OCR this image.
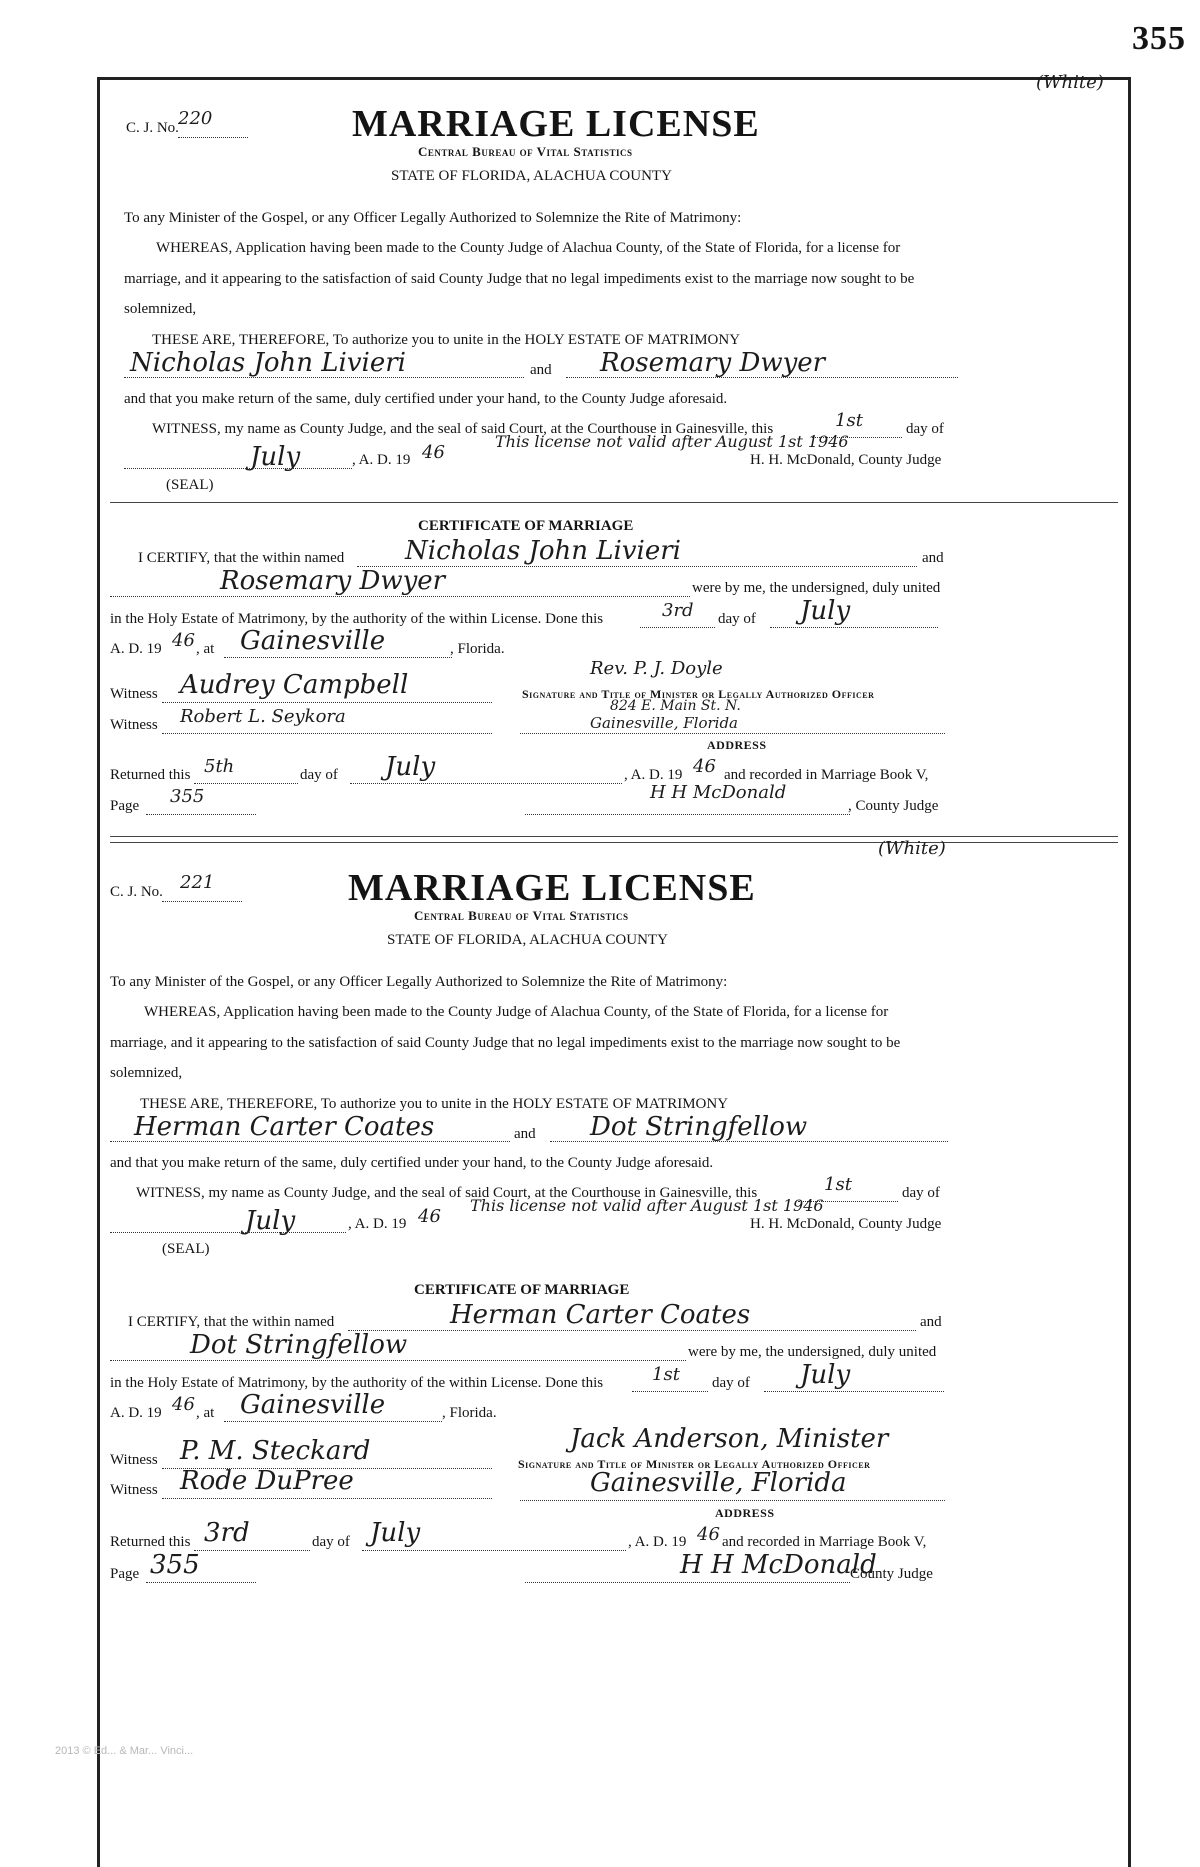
355
(White)
C. J. No. 220	MARRIAGE LICENSE
Central Bureau of Vital Statistics
STATE OF FLORIDA, ALACHUA COUNTY
To any Minister of the Gospel, or any Officer Legally Authorized to Solemnize the Rite of Matrimony:
WHEREAS, Application having been made to the County Judge of Alachua County, of the State of Florida, for a license for
marriage, and it appearing to the satisfaction of said County Judge that no legal impediments exist to the marriage now sought to be
solemnized,
THESE ARE, THEREFORE, To authorize you to unite in the HOLY ESTATE OF MATRIMONY
Nicholas John Livieri	and Rosemary Dwyer
and that you make return of the same, duly certified under your hand, to the County Judge aforesaid.
WITNESS, my name as County Judge, and the seal of said Court, at the Courthouse in Gainesville, this	1st	day of
This license not valid after August 1st 1946
July	, A. D. 19 46	H. H. McDonald, County Judge
(SEAL)
CERTIFICATE OF MARRIAGE
I CERTIFY, that the within named Nicholas John Livieri	and
Rosemary Dwyer	were by me, the undersigned, duly united
in the Holy Estate of Matrimony, by the authority of the within License. Done this	3rd day of July
A. D. 19 46 , at Gainesville	, Florida.
Rev. P. J. Doyle
Witness Audrey Campbell	Signature and Title of Minister or Legally Authorized Officer
824 E. Main St. N.
Witness Robert L. Seykora	Gainesville, Florida
ADDRESS
Returned this 5th	day of July	, A. D. 19 46 and recorded in Marriage Book V,
Page 355	H H McDonald
, County Judge
(White)
C. J. No. 221	MARRIAGE LICENSE
Central Bureau of Vital Statistics
STATE OF FLORIDA, ALACHUA COUNTY
To any Minister of the Gospel, or any Officer Legally Authorized to Solemnize the Rite of Matrimony:
WHEREAS, Application having been made to the County Judge of Alachua County, of the State of Florida, for a license for
marriage, and it appearing to the satisfaction of said County Judge that no legal impediments exist to the marriage now sought to be
solemnized,
THESE ARE, THEREFORE, To authorize you to unite in the HOLY ESTATE OF MATRIMONY
Herman Carter Coates	and Dot Stringfellow
and that you make return of the same, duly certified under your hand, to the County Judge aforesaid.
WITNESS, my name as County Judge, and the seal of said Court, at the Courthouse in Gainesville, this	1st	day of
This license not valid after August 1st 1946
July	, A. D. 19 46	H. H. McDonald, County Judge
(SEAL)
CERTIFICATE OF MARRIAGE
I CERTIFY, that the within named	Herman Carter Coates	and
Dot Stringfellow	were by me, the undersigned, duly united
in the Holy Estate of Matrimony, by the authority of the within License. Done this	1st day of July
A. D. 19 46 , at Gainesville	, Florida.
Jack Anderson, Minister
Witness P. M. Steckard	Signature and Title of Minister or Legally Authorized Officer
Witness Rode DuPree	Gainesville, Florida
ADDRESS
Returned this 3rd	day of July	, A. D. 19 46 and recorded in Marriage Book V,
Page 355	H H McDonald
County Judge
2013 © Ed... & Mar... Vinci...
